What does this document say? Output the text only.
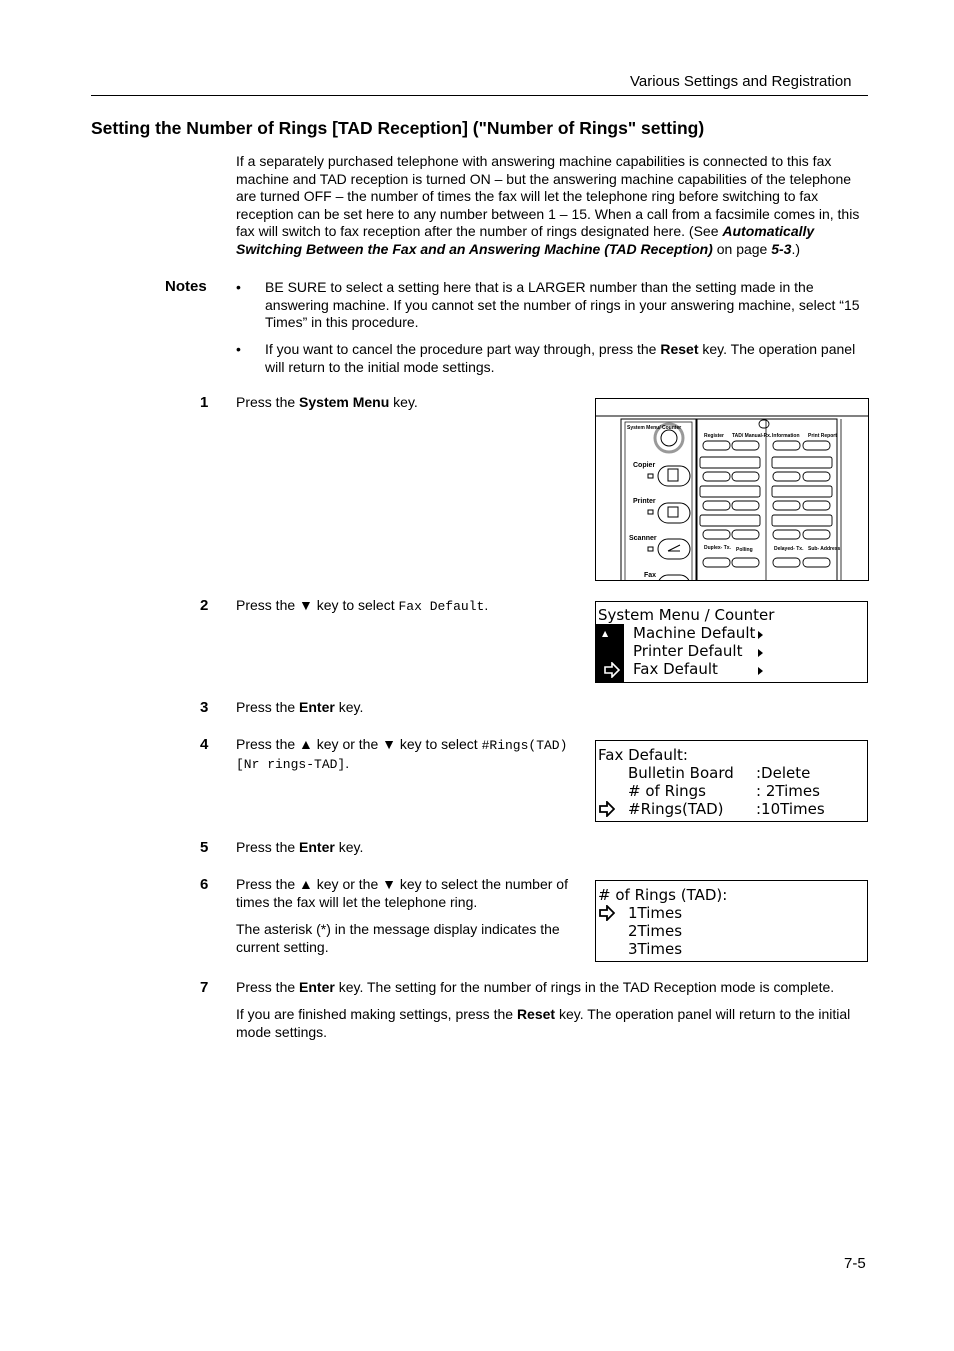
Various Settings and Registration
Setting the Number of Rings [TAD Reception] ("Number of Rings" setting)
If a separately purchased telephone with answering machine capabilities is connected to this fax machine and TAD reception is turned ON – but the answering machine capabilities of the telephone are turned OFF – the number of times the fax will let the telephone ring before switching to fax reception can be set here to any number between 1 – 15. When a call from a facsimile comes in, this fax will switch to fax reception after the number of rings designated here. (See Automatically Switching Between the Fax and an Answering Machine (TAD Reception) on page 5-3.)
Notes • BE SURE to select a setting here that is a LARGER number than the setting made in the answering machine. If you cannot set the number of rings in your answering machine, select “15 Times” in this procedure.
• If you want to cancel the procedure part way through, press the Reset key. The operation panel will return to the initial mode settings.
1 Press the System Menu key.
System Menu/ Counter
Copier
Printer
Scanner
Fax
Register TAD/ Manual-Rx. Information Print Report
Duplex- Tx. Polling	Delayed- Tx. Sub- Address
2 Press the ▼ key to select Fax Default.
System Menu / Counter
▲ Machine Default
Printer Default
Fax Default
3 Press the Enter key.
4 Press the ▲ key or the ▼ key to select #Rings(TAD) [Nr rings-TAD].	Fax Default:
Bulletin Board :Delete
# of Rings	: 2Times
#Rings(TAD) :10Times
5 Press the Enter key.
6 Press the ▲ key or the ▼ key to select the number of times the fax will let the telephone ring.
The asterisk (*) in the message display indicates the current setting.
# of Rings (TAD):
1Times
2Times
3Times
7 Press the Enter key. The setting for the number of rings in the TAD Reception mode is complete.
If you are finished making settings, press the Reset key. The operation panel will return to the initial mode settings.
7-5
